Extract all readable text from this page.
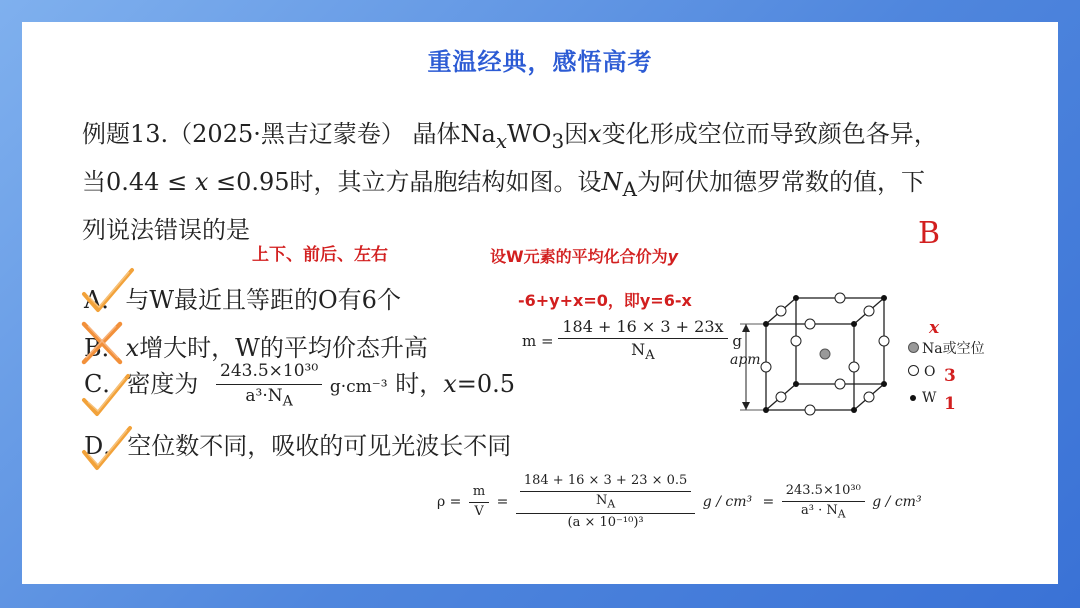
重温经典，感悟高考
例题13.（2025·黑吉辽蒙卷） 晶体$Na_xWO_3$因x变化形成空位而导致颜色各异，
当0.44 ≤ x ≤0.95时，其立方晶胞结构如图。设$N_A$为阿伏加德罗常数的值，下
列说法错误的是
上下、前后、左右	设W元素的平均化合价为y
B
-6+y+x=0，即y=6-x
A．与W最近且等距的O有6个
B．x增大时，W的平均价态升高
C．密度为 $\frac{\text{243.5×10³⁰}}{a^3\cdot N_A} g\cdot cm^{-3}$ 时，x=0.5
D．空位数不同，吸收的可见光波长不同
$m = \frac{184 + 16 \times 3 + 23x}{N_A}$ g
$\rho = \frac{m}{V} = \frac{\frac{184 + 16 \times 3 + 23 \times 0.5}{N_A}}{\text{(a × 10⁻¹⁰)³}}$ $g / cm^3 = \frac{\text{243.5×10³⁰}}{a^3 \cdot N_A}$ g / cm³
apm
x
Na或空位
O 3
W 1
